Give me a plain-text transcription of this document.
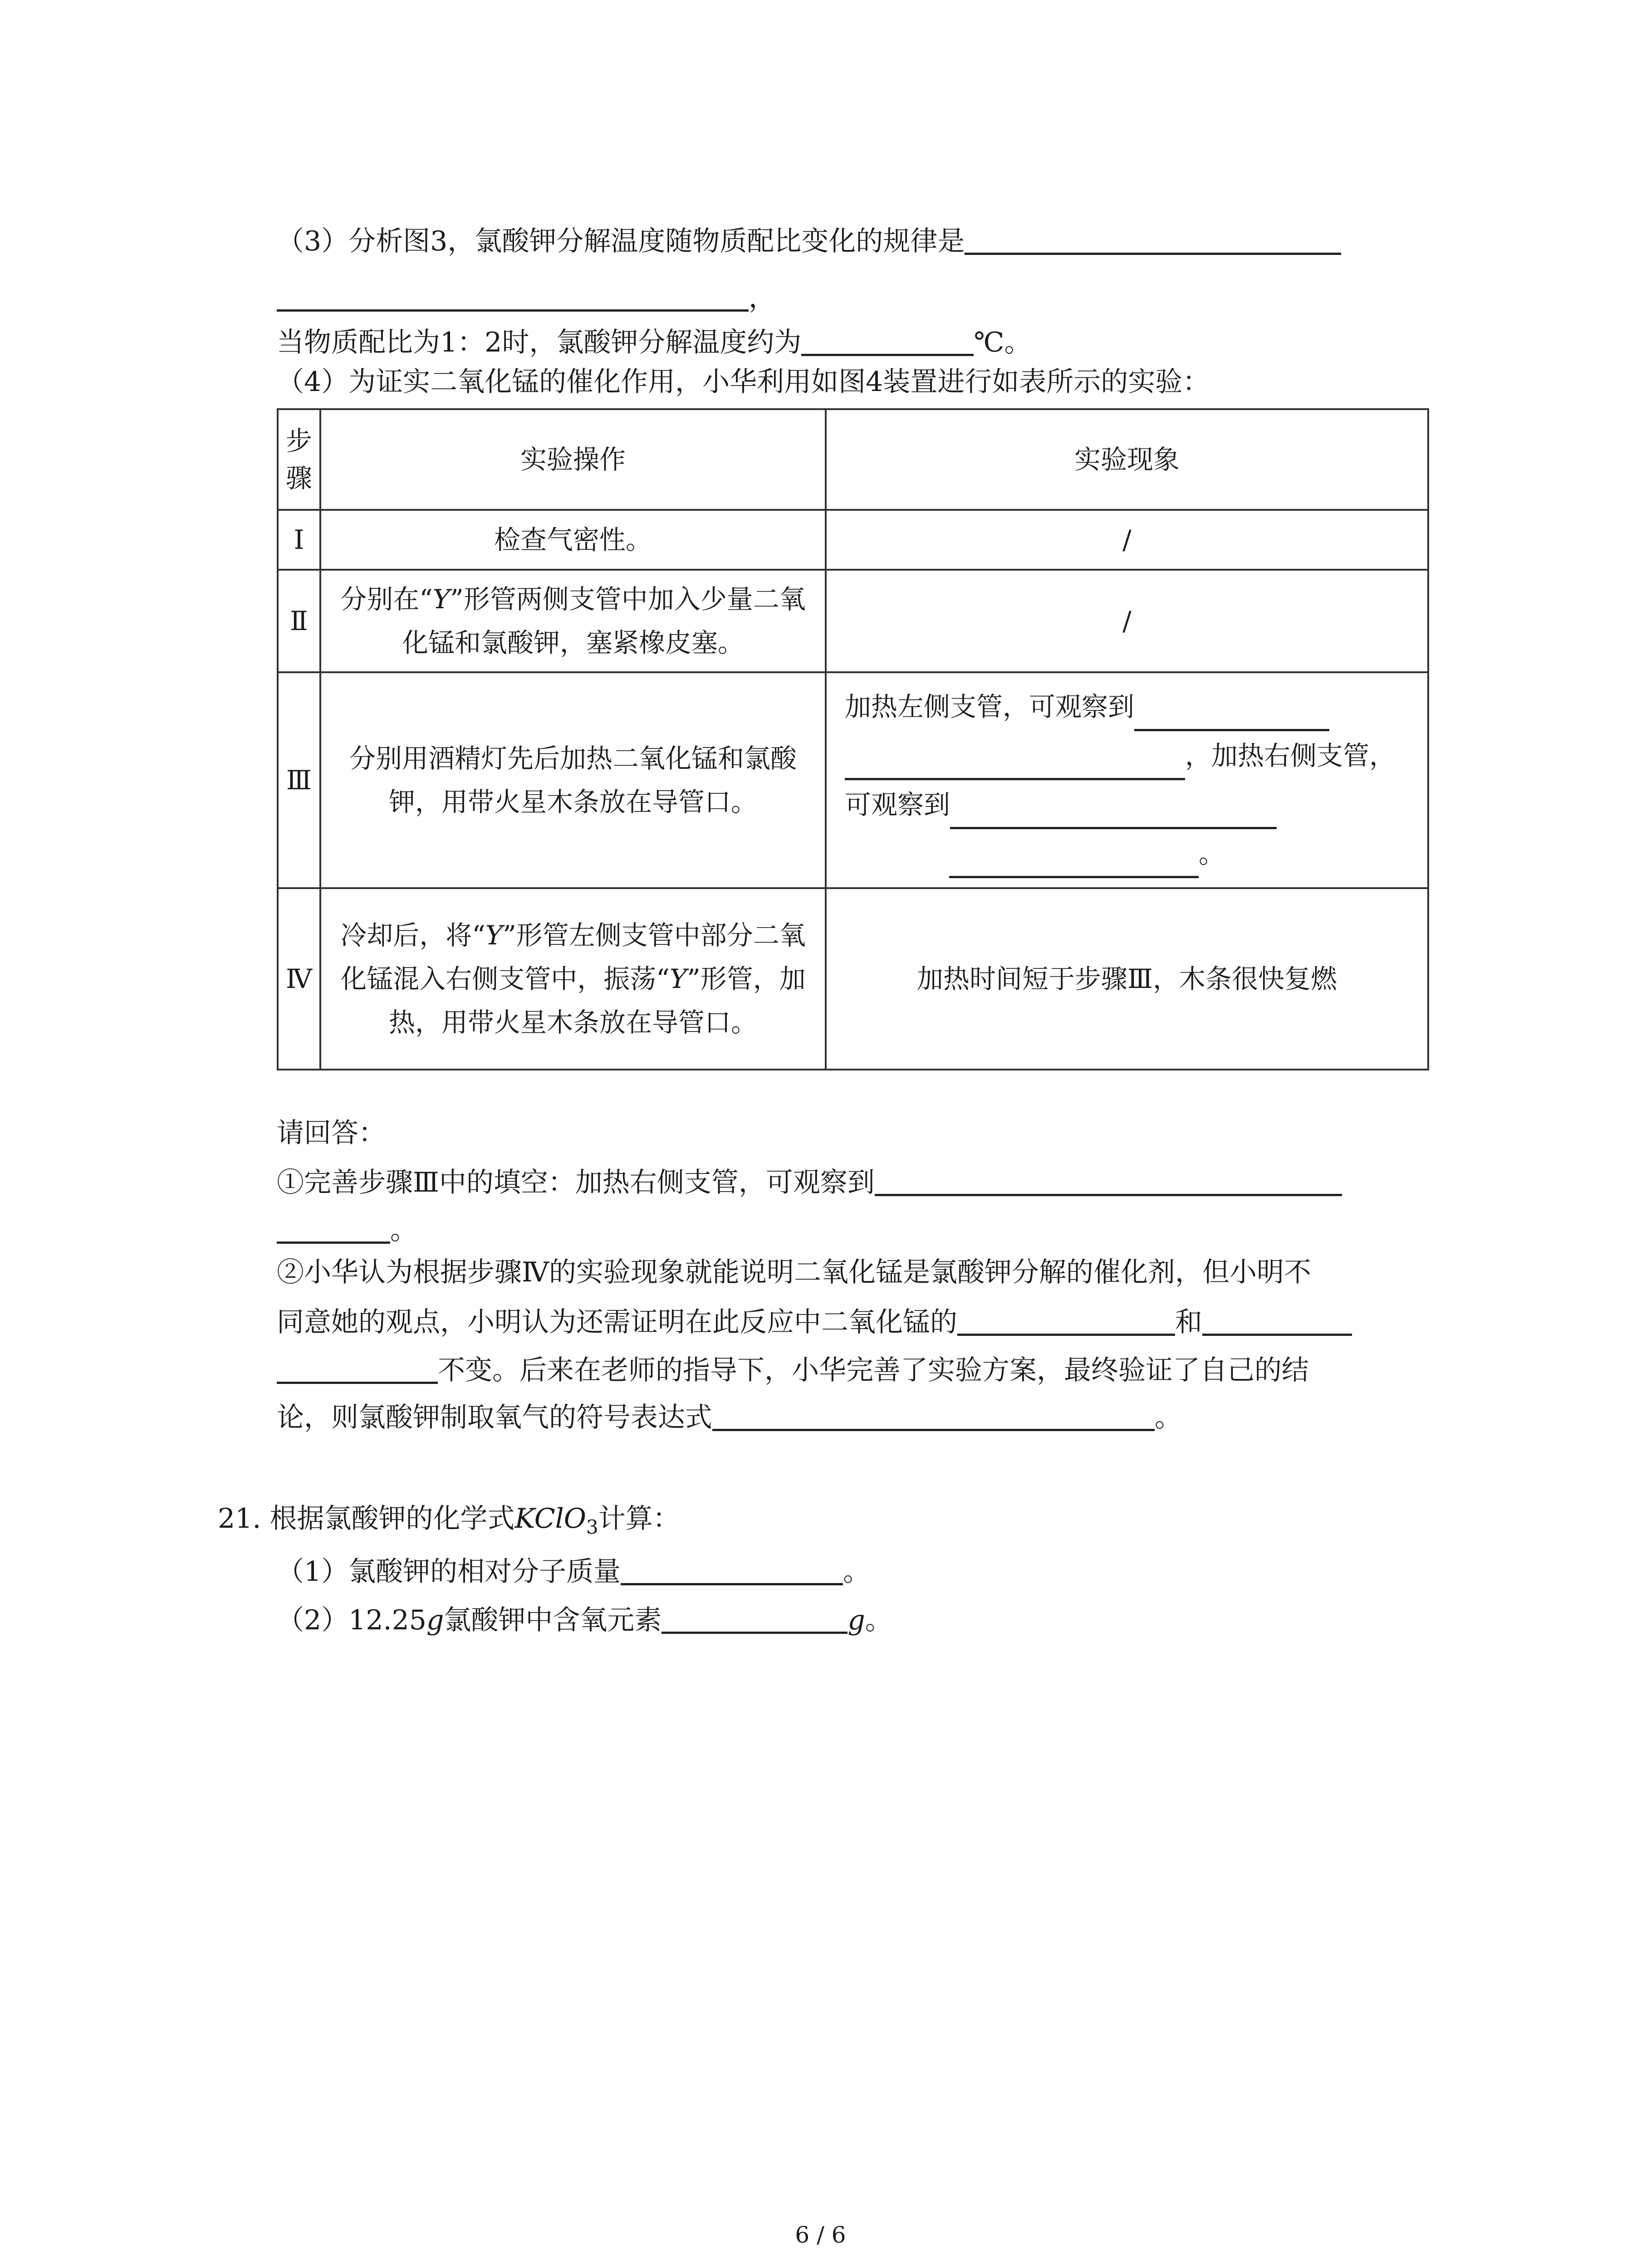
（3）分析图3，氯酸钾分解温度随物质配比变化的规律是
，
当物质配比为1：2时，氯酸钾分解温度约为	℃。
（4）为证实二氧化锰的催化作用，小华利用如图4装置进行如表所示的实验：
步骤	实验操作	实验现象
Ⅰ	检查气密性。	/
Ⅱ	分别在“Y”形管两侧支管中加入少量二氧化锰和氯酸钾，塞紧橡皮塞。	/
Ⅲ	分别用酒精灯先后加热二氧化锰和氯酸钾，用带火星木条放在导管口。	加热左侧支管，可观察到
，加热右侧支管，可观察到
。
Ⅳ	冷却后，将“Y”形管左侧支管中部分二氧化锰混入右侧支管中，振荡“Y”形管，加热，用带火星木条放在导管口。	加热时间短于步骤Ⅲ，木条很快复燃
请回答：
①完善步骤Ⅲ中的填空：加热右侧支管，可观察到
。
②小华认为根据步骤Ⅳ的实验现象就能说明二氧化锰是氯酸钾分解的催化剂，但小明不
同意她的观点，小明认为还需证明在此反应中二氧化锰的	和
不变。后来在老师的指导下，小华完善了实验方案，最终验证了自己的结
论，则氯酸钾制取氧气的符号表达式	。
21. 根据氯酸钾的化学式KClO$_3$计算：
（1）氯酸钾的相对分子质量	。
（2）12.25g氯酸钾中含氧元素	g。
6 / 6
